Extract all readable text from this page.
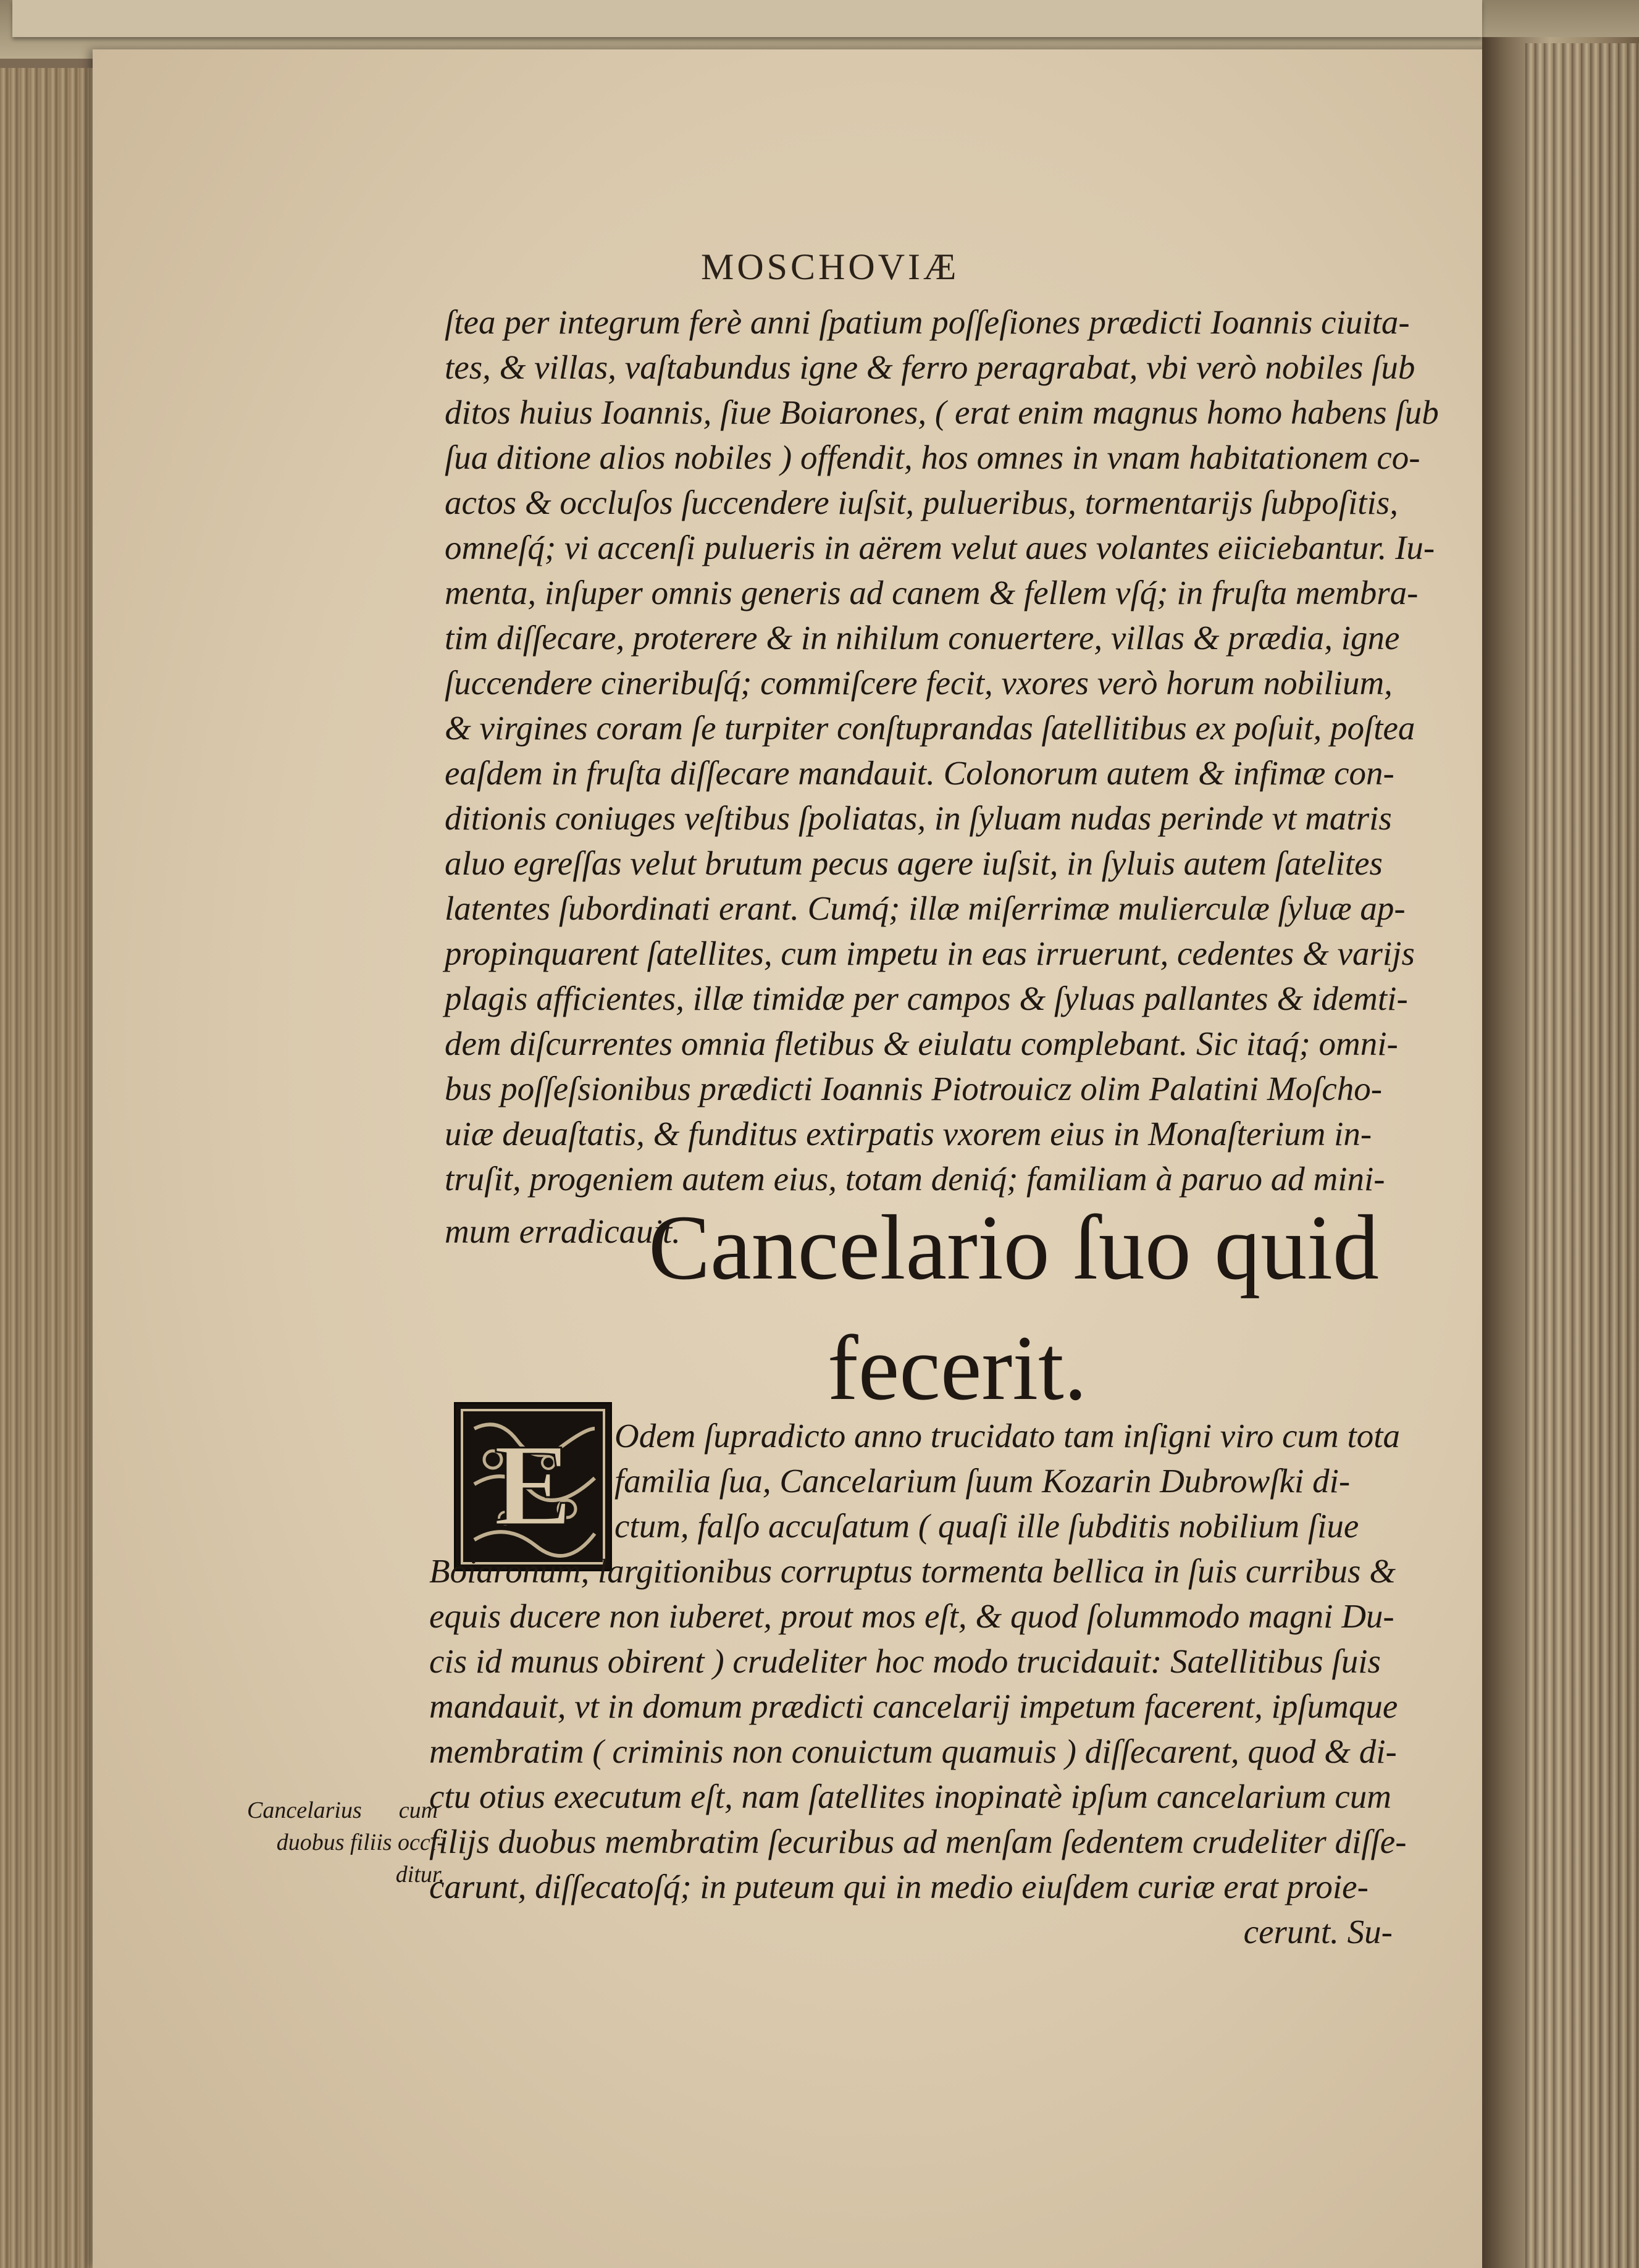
MOSCHOVIÆ
ſtea per integrum ferè anni ſpatium poſſeſiones prædicti Ioannis ciuita-
tes, & villas, vaſtabundus igne & ferro peragrabat, vbi verò nobiles ſub
ditos huius Ioannis, ſiue Boiarones, ( erat enim magnus homo habens ſub
ſua ditione alios nobiles ) offendit, hos omnes in vnam habitationem co-
actos & occluſos ſuccendere iuſsit, pulueribus, tormentarijs ſubpoſitis,
omneſq́; vi accenſi pulueris in aërem velut aues volantes eiiciebantur. Iu-
menta, inſuper omnis generis ad canem & fellem vſq́; in fruſta membra-
tim diſſecare, proterere & in nihilum conuertere, villas & prædia, igne
ſuccendere cineribuſq́; commiſcere fecit, vxores verò horum nobilium,
& virgines coram ſe turpiter conſtuprandas ſatellitibus ex poſuit, poſtea
eaſdem in fruſta diſſecare mandauit. Colonorum autem & infimæ con-
ditionis coniuges veſtibus ſpoliatas, in ſyluam nudas perinde vt matris
aluo egreſſas velut brutum pecus agere iuſsit, in ſyluis autem ſatelites
latentes ſubordinati erant. Cumq́; illæ miſerrimæ mulierculæ ſyluæ ap-
propinquarent ſatellites, cum impetu in eas irruerunt, cedentes & varijs
plagis afficientes, illæ timidæ per campos & ſyluas pallantes & idemti-
dem diſcurrentes omnia fletibus & eiulatu complebant. Sic itaq́; omni-
bus poſſeſsionibus prædicti Ioannis Piotrouicz olim Palatini Moſcho-
uiæ deuaſtatis, & funditus extirpatis vxorem eius in Monaſterium in-
truſit, progeniem autem eius, totam deniq́; familiam à paruo ad mini-
mum erradicauit.
Cancelario ſuo quid
fecerit.
E	Odem ſupradicto anno trucidato tam inſigni viro cum tota
familia ſua, Cancelarium ſuum Kozarin Dubrowſki di-
ctum, falſo accuſatum ( quaſi ille ſubditis nobilium ſiue
Boiaronum, largitionibus corruptus tormenta bellica in ſuis curribus &
equis ducere non iuberet, prout mos eſt, & quod ſolummodo magni Du-
cis id munus obirent ) crudeliter hoc modo trucidauit: Satellitibus ſuis
mandauit, vt in domum prædicti cancelarij impetum facerent, ipſumque
membratim ( criminis non conuictum quamuis ) diſſecarent, quod & di-
ctu otius executum eſt, nam ſatellites inopinatè ipſum cancelarium cum
filijs duobus membratim ſecuribus ad menſam ſedentem crudeliter diſſe-
carunt, diſſecatoſq́; in puteum qui in medio eiuſdem curiæ erat proie-
cerunt. Su-
Cancelarius cum
duobus filiis occi-
ditur.
